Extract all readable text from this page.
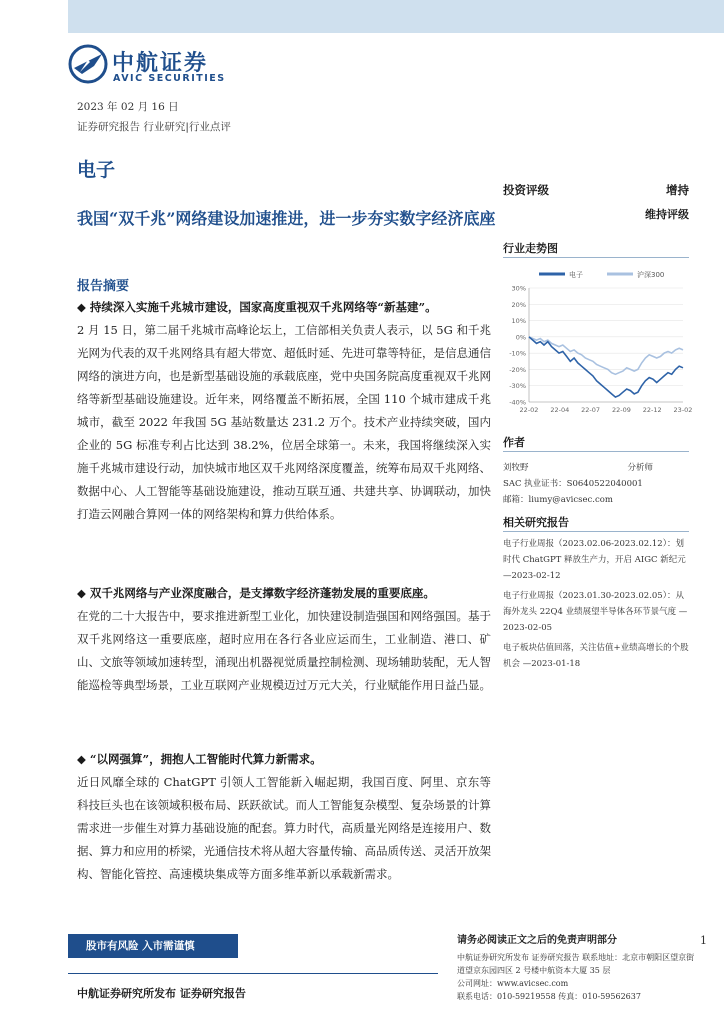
中航证券
AVIC SECURITIES
2023 年 02 月 16 日
证券研究报告 行业研究|行业点评
电子
投资评级	增持
维持评级
我国“双千兆”网络建设加速推进，进一步夯实数字经济底座
行业走势图
电子	沪深300
30%
20%
10%
0%
-10%
-20%
-30%
-40%
22-02 22-04 22-07 22-09 22-12 23-02
报告摘要
◆ 持续深入实施千兆城市建设，国家高度重视双千兆网络等“新基建”。

2 月 15 日，第二届千兆城市高峰论坛上，工信部相关负责人表示，以 5G 和千兆光网为代表的双千兆网络具有超大带宽、超低时延、先进可靠等特征，是信息通信网络的演进方向，也是新型基础设施的承载底座，党中央国务院高度重视双千兆网络等新型基础设施建设。近年来，网络覆盖不断拓展，全国 110 个城市建成千兆城市，截至 2022 年我国 5G 基站数量达 231.2 万个。技术产业持续突破，国内企业的 5G 标准专利占比达到 38.2%，位居全球第一。未来，我国将继续深入实施千兆城市建设行动，加快城市地区双千兆网络深度覆盖，统筹布局双千兆网络、数据中心、人工智能等基础设施建设，推动互联互通、共建共享、协调联动，加快打造云网融合算网一体的网络架构和算力供给体系。

◆ 双千兆网络与产业深度融合，是支撑数字经济蓬勃发展的重要底座。

在党的二十大报告中，要求推进新型工业化，加快建设制造强国和网络强国。基于双千兆网络这一重要底座，超时应用在各行各业应运而生，工业制造、港口、矿山、文旅等领域加速转型，涌现出机器视觉质量控制检测、现场辅助装配，无人智能巡检等典型场景，工业互联网产业规模迈过万元大关，行业赋能作用日益凸显。

◆ “以网强算”，拥抱人工智能时代算力新需求。

近日风靡全球的 ChatGPT 引领人工智能新入崛起期，我国百度、阿里、京东等科技巨头也在该领域积极布局、跃跃欲试。而人工智能复杂模型、复杂场景的计算需求进一步催生对算力基础设施的配套。算力时代，高质量光网络是连接用户、数据、算力和应用的桥梁，光通信技术将从超大容量传输、高品质传送、灵活开放架构、智能化管控、高速模块集成等方面多维革新以承载新需求。

作者
刘牧野	分析师
SAC 执业证书：S0640522040001
邮箱：liumy@avicsec.com
相关研究报告
电子行业周报（2023.02.06-2023.02.12）：划时代 ChatGPT 释放生产力，开启 AIGC 新纪元 —2023-02-12
电子行业周报（2023.01.30-2023.02.05）：从海外龙头 22Q4 业绩展望半导体各环节景气度 —2023-02-05
电子板块估值回落，关注估值+业绩高增长的个股机会 —2023-01-18
股市有风险 入市需谨慎	请务必阅读正文之后的免责声明部分
中航证券研究所发布 证券研究报告 联系地址：北京市朝阳区望京街道望京东园四区 2 号楼中航资本大厦 35 层
公司网址：www.avicsec.com
联系电话：010-59219558 传真：010-59562637
1
中航证券研究所发布 证券研究报告
